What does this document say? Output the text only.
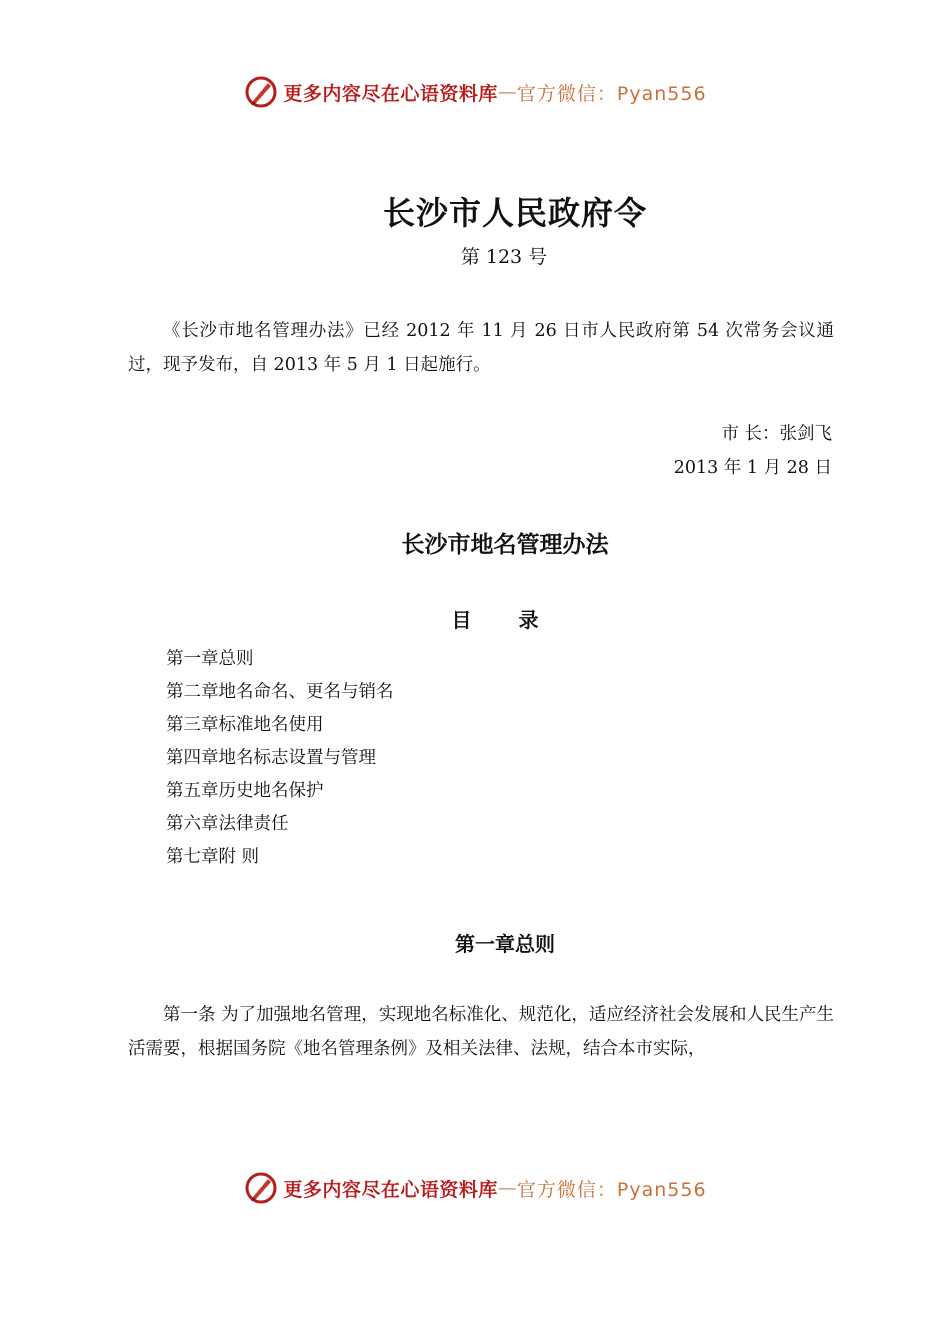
更多内容尽在心语资料库 — 官方微信：Pyan556
长沙市人民政府令
第 123 号

《长沙市地名管理办法》已经 2012 年 11 月 26 日市人民政府第 54 次常务会议通过，现予发布，自 2013 年 5 月 1 日起施行。

市 长：张剑飞
2013 年 1 月 28 日
长沙市地名管理办法
目 录
第一章总则
第二章地名命名、更名与销名
第三章标准地名使用
第四章地名标志设置与管理
第五章历史地名保护
第六章法律责任
第七章附 则
第一章总则

第一条 为了加强地名管理，实现地名标准化、规范化，适应经济社会发展和人民生产生活需要，根据国务院《地名管理条例》及相关法律、法规，结合本市实际，

更多内容尽在心语资料库 — 官方微信：Pyan556
